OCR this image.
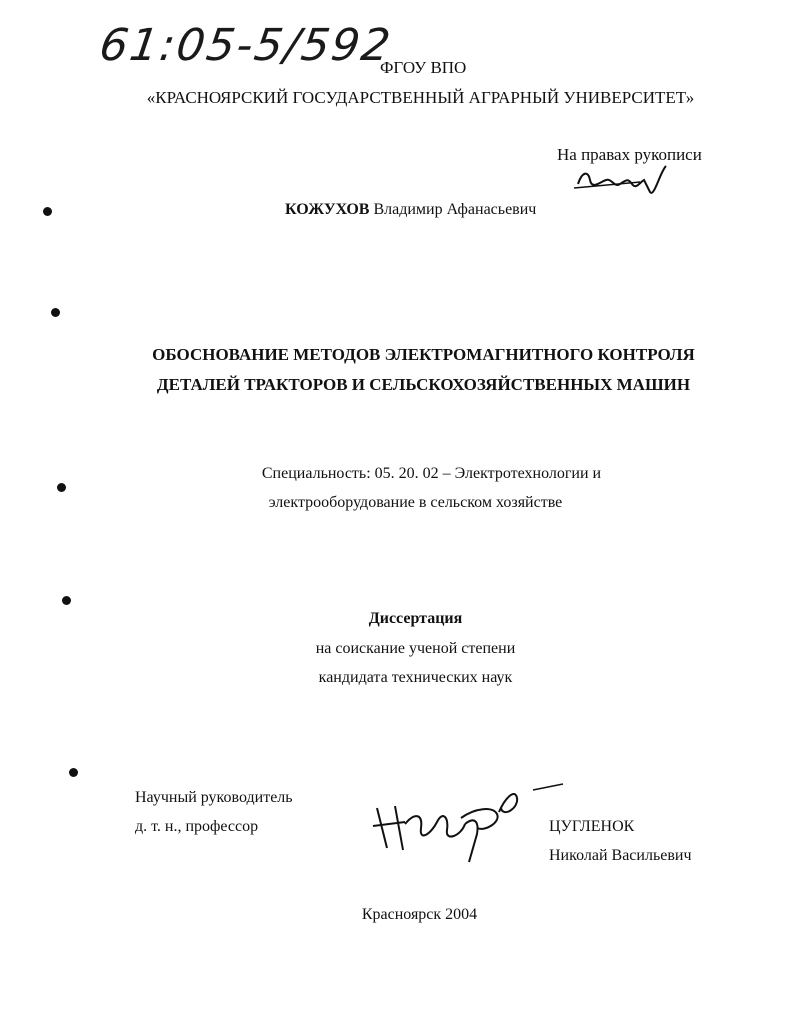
61:05-5/592
ФГОУ ВПО
«КРАСНОЯРСКИЙ ГОСУДАРСТВЕННЫЙ АГРАРНЫЙ УНИВЕРСИТЕТ»
На правах рукописи
КОЖУХОВ Владимир Афанасьевич
ОБОСНОВАНИЕ МЕТОДОВ ЭЛЕКТРОМАГНИТНОГО КОНТРОЛЯ
ДЕТАЛЕЙ ТРАКТОРОВ И СЕЛЬСКОХОЗЯЙСТВЕННЫХ МАШИН
Специальность: 05. 20. 02 – Электротехнологии и
электрооборудование в сельском хозяйстве
Диссертация
на соискание ученой степени
кандидата технических наук
Научный руководитель
д. т. н., профессор	ЦУГЛЕНОК
Николай Васильевич
Красноярск 2004
